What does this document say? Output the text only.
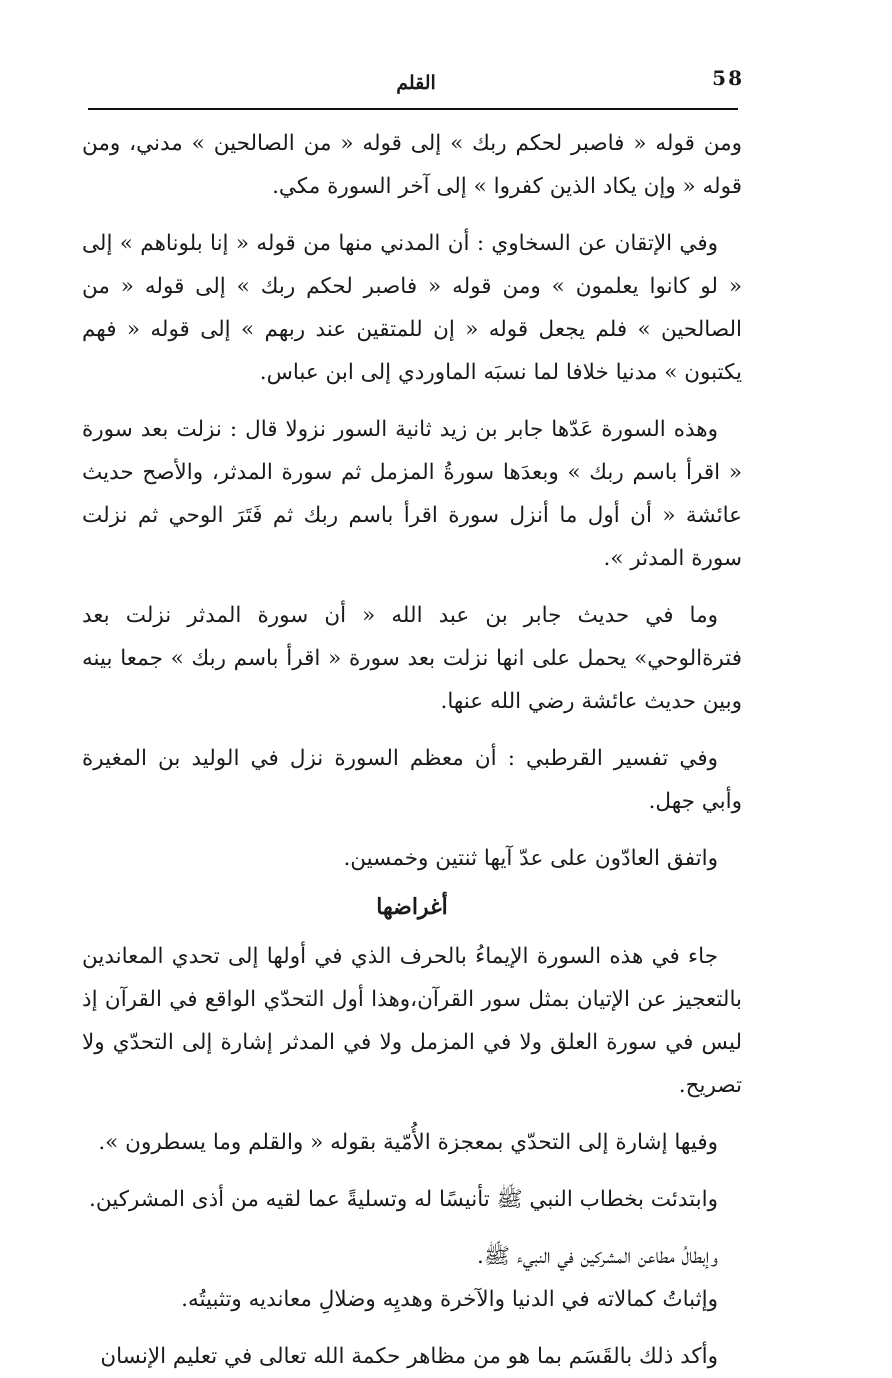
58
القلم

ومن قوله « فاصبر لحكم ربك » إلى قوله « من الصالحين » مدني، ومن قوله « وإن يكاد الذين كفروا » إلى آخر السورة مكي.

وفي الإتقان عن السخاوي : أن المدني منها من قوله « إنا بلوناهم » إلى « لو كانوا يعلمون » ومن قوله « فاصبر لحكم ربك » إلى قوله « من الصالحين » فلم يجعل قوله « إن للمتقين عند ربهم » إلى قوله « فهم يكتبون » مدنيا خلافا لما نسبَه الماوردي إلى ابن عباس.

وهذه السورة عَدّها جابر بن زيد ثانية السور نزولا قال : نزلت بعد سورة « اقرأ باسم ربك » وبعدَها سورةُ المزمل ثم سورة المدثر، والأصح حديث عائشة « أن أول ما أنزل سورة اقرأ باسم ربك ثم فَتَرَ الوحي ثم نزلت سورة المدثر ».

وما في حديث جابر بن عبد الله « أن سورة المدثر نزلت بعد فترةالوحي» يحمل على انها نزلت بعد سورة « اقرأ باسم ربك » جمعا بينه وبين حديث عائشة رضي الله عنها.

وفي تفسير القرطبي : أن معظم السورة نزل في الوليد بن المغيرة وأبي جهل.

واتفق العادّون على عدّ آيها ثنتين وخمسين.

أغراضها

جاء في هذه السورة الإيماءُ بالحرف الذي في أولها إلى تحدي المعاندين بالتعجيز عن الإتيان بمثل سور القرآن،وهذا أول التحدّي الواقع في القرآن إذ ليس في سورة العلق ولا في المزمل ولا في المدثر إشارة إلى التحدّي ولا تصريح.

وفيها إشارة إلى التحدّي بمعجزة الأُمّية بقوله « والقلم وما يسطرون ».

وابتدئت بخطاب النبي ﷺ تأنيسًا له وتسليةً عما لقيه من أذى المشركين.

وإبطالُ مطاعن المشركين في النبيء ﷺ.

وإثباتُ كمالاته في الدنيا والآخرة وهديِه وضلالِ معانديه وتثبيتُه.

وأكد ذلك بالقَسَم بما هو من مظاهر حكمة الله تعالى في تعليم الإنسان
